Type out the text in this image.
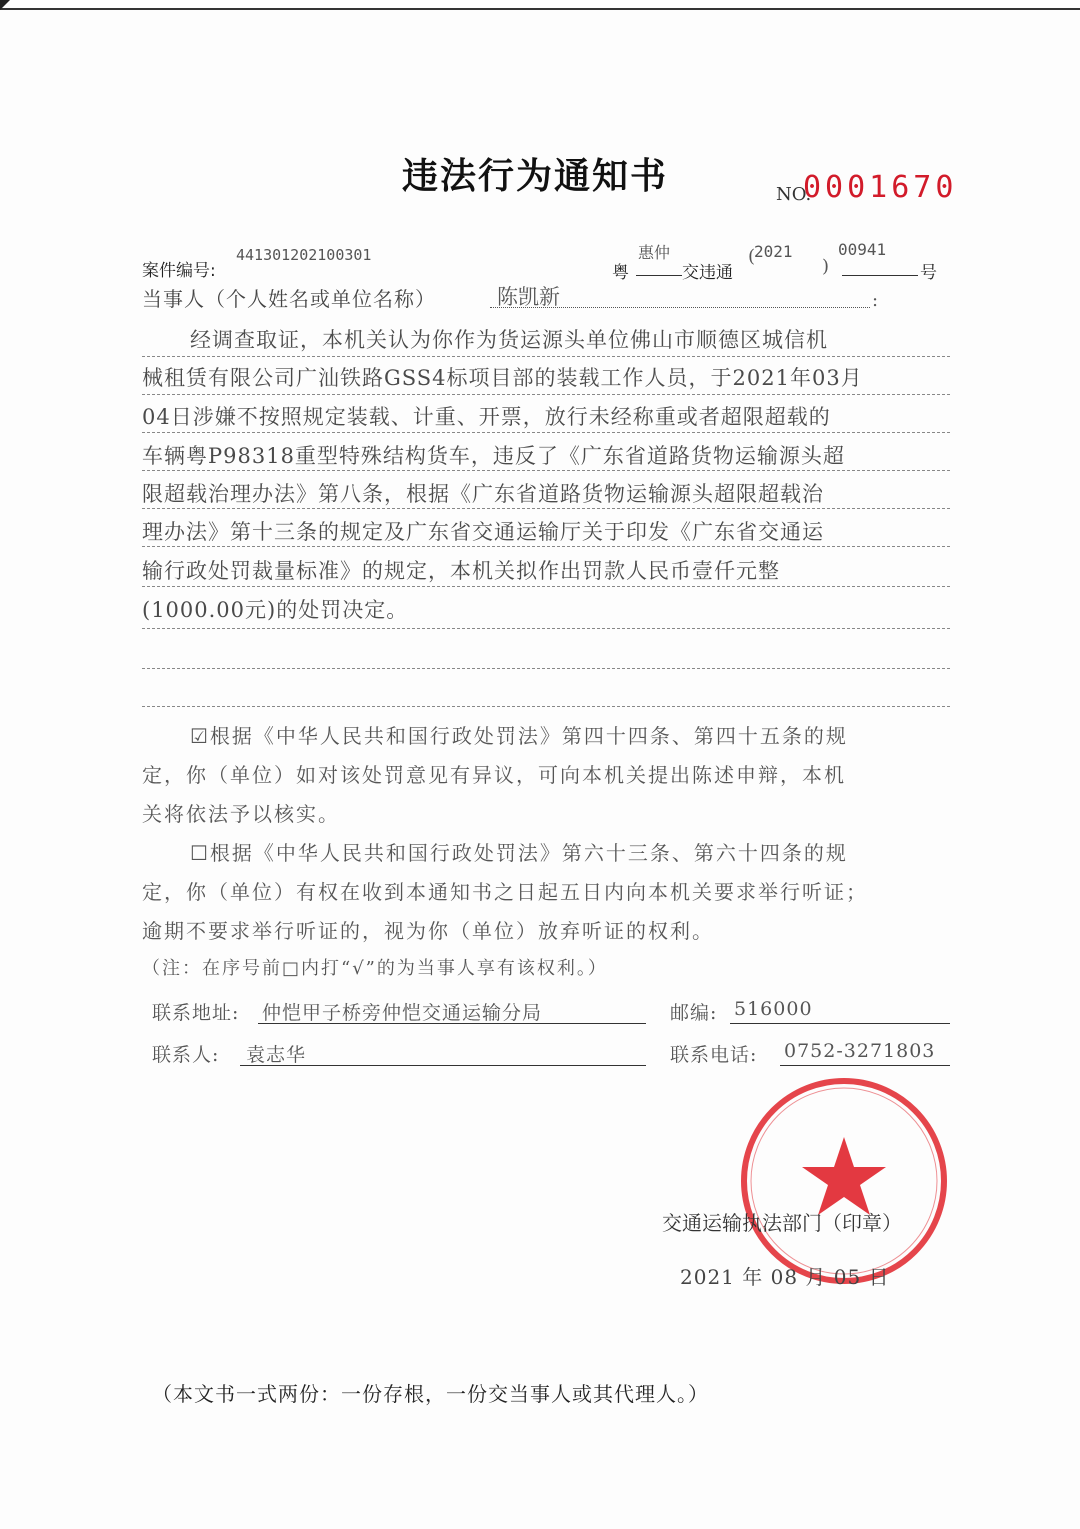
违法行为通知书	NO.
0001670
案件编号:
441301202100301
粤
惠仲
交违通
(
2021
)
00941
号
当事人（个人姓名或单位名称）	陈凯新	:
经调查取证，本机关认为你作为货运源头单位佛山市顺德区城信机
械租赁有限公司广汕铁路GSS4标项目部的装载工作人员，于2021年03月
04日涉嫌不按照规定装载、计重、开票，放行未经称重或者超限超载的
车辆粤P98318重型特殊结构货车，违反了《广东省道路货物运输源头超
限超载治理办法》第八条，根据《广东省道路货物运输源头超限超载治
理办法》第十三条的规定及广东省交通运输厅关于印发《广东省交通运
输行政处罚裁量标准》的规定，本机关拟作出罚款人民币壹仟元整
(1000.00元)的处罚决定。
☑根据《中华人民共和国行政处罚法》第四十四条、第四十五条的规
定，你（单位）如对该处罚意见有异议，可向本机关提出陈述申辩，本机
关将依法予以核实。
☐根据《中华人民共和国行政处罚法》第六十三条、第六十四条的规
定，你（单位）有权在收到本通知书之日起五日内向本机关要求举行听证；
逾期不要求举行听证的，视为你（单位）放弃听证的权利。
（注：在序号前□内打“√”的为当事人享有该权利。）
联系地址: 仲恺甲子桥旁仲恺交通运输分局	邮编: 516000
联系人: 袁志华	联系电话: 0752-3271803
交通运输执法部门（印章）
2021 年 08 月 05 日
（本文书一式两份：一份存根，一份交当事人或其代理人。）
